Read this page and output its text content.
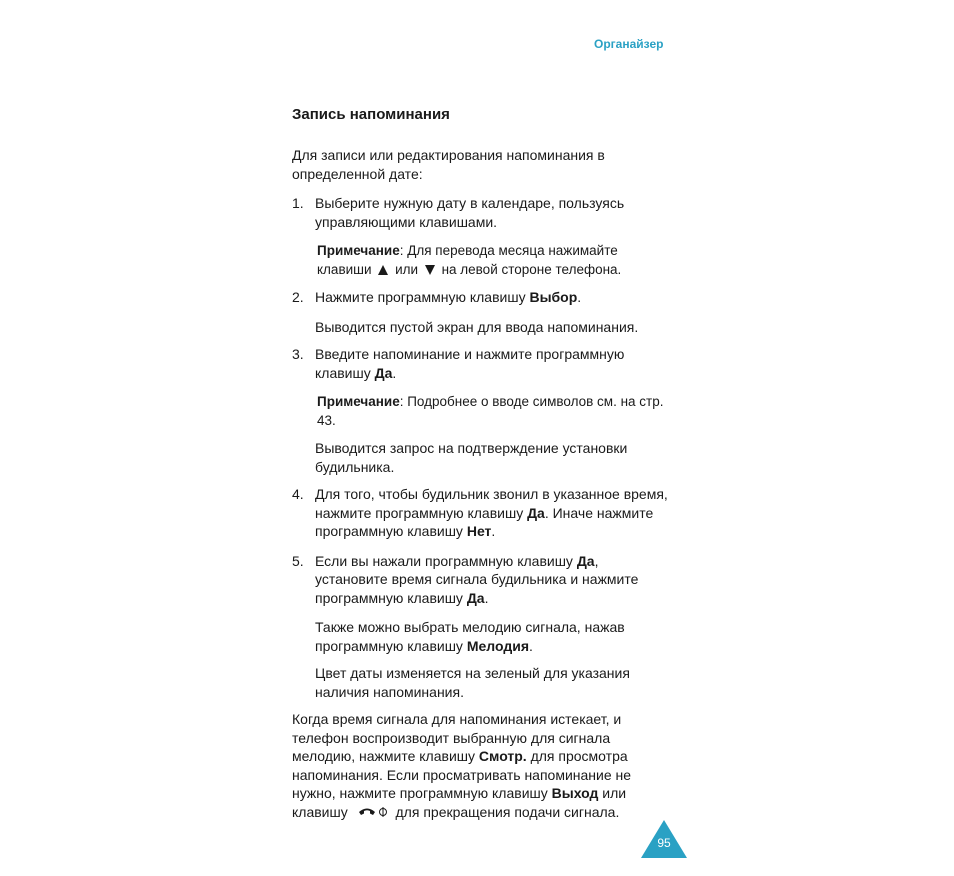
Органайзер
Запись напоминания

Для записи или редактирования напоминания в определенной дате:

1. Выберите нужную дату в календаре, пользуясь управляющими клавишами.

Примечание: Для перевода месяца нажимайте клавиши или на левой стороне телефона.

2. Нажмите программную клавишу Выбор.

Выводится пустой экран для ввода напоминания.

3. Введите напоминание и нажмите программную клавишу Да.

Примечание: Подробнее о вводе символов см. на стр. 43.

Выводится запрос на подтверждение установки будильника.

4. Для того, чтобы будильник звонил в указанное время, нажмите программную клавишу Да. Иначе нажмите программную клавишу Нет.

5. Если вы нажали программную клавишу Да, установите время сигнала будильника и нажмите программную клавишу Да.

Также можно выбрать мелодию сигнала, нажав программную клавишу Мелодия.

Цвет даты изменяется на зеленый для указания наличия напоминания.

Когда время сигнала для напоминания истекает, и телефон воспроизводит выбранную для сигнала мелодию, нажмите клавишу Смотр. для просмотра напоминания. Если просматривать напоминание не нужно, нажмите программную клавишу Выход или клавишу	для прекращения подачи сигнала.

95
